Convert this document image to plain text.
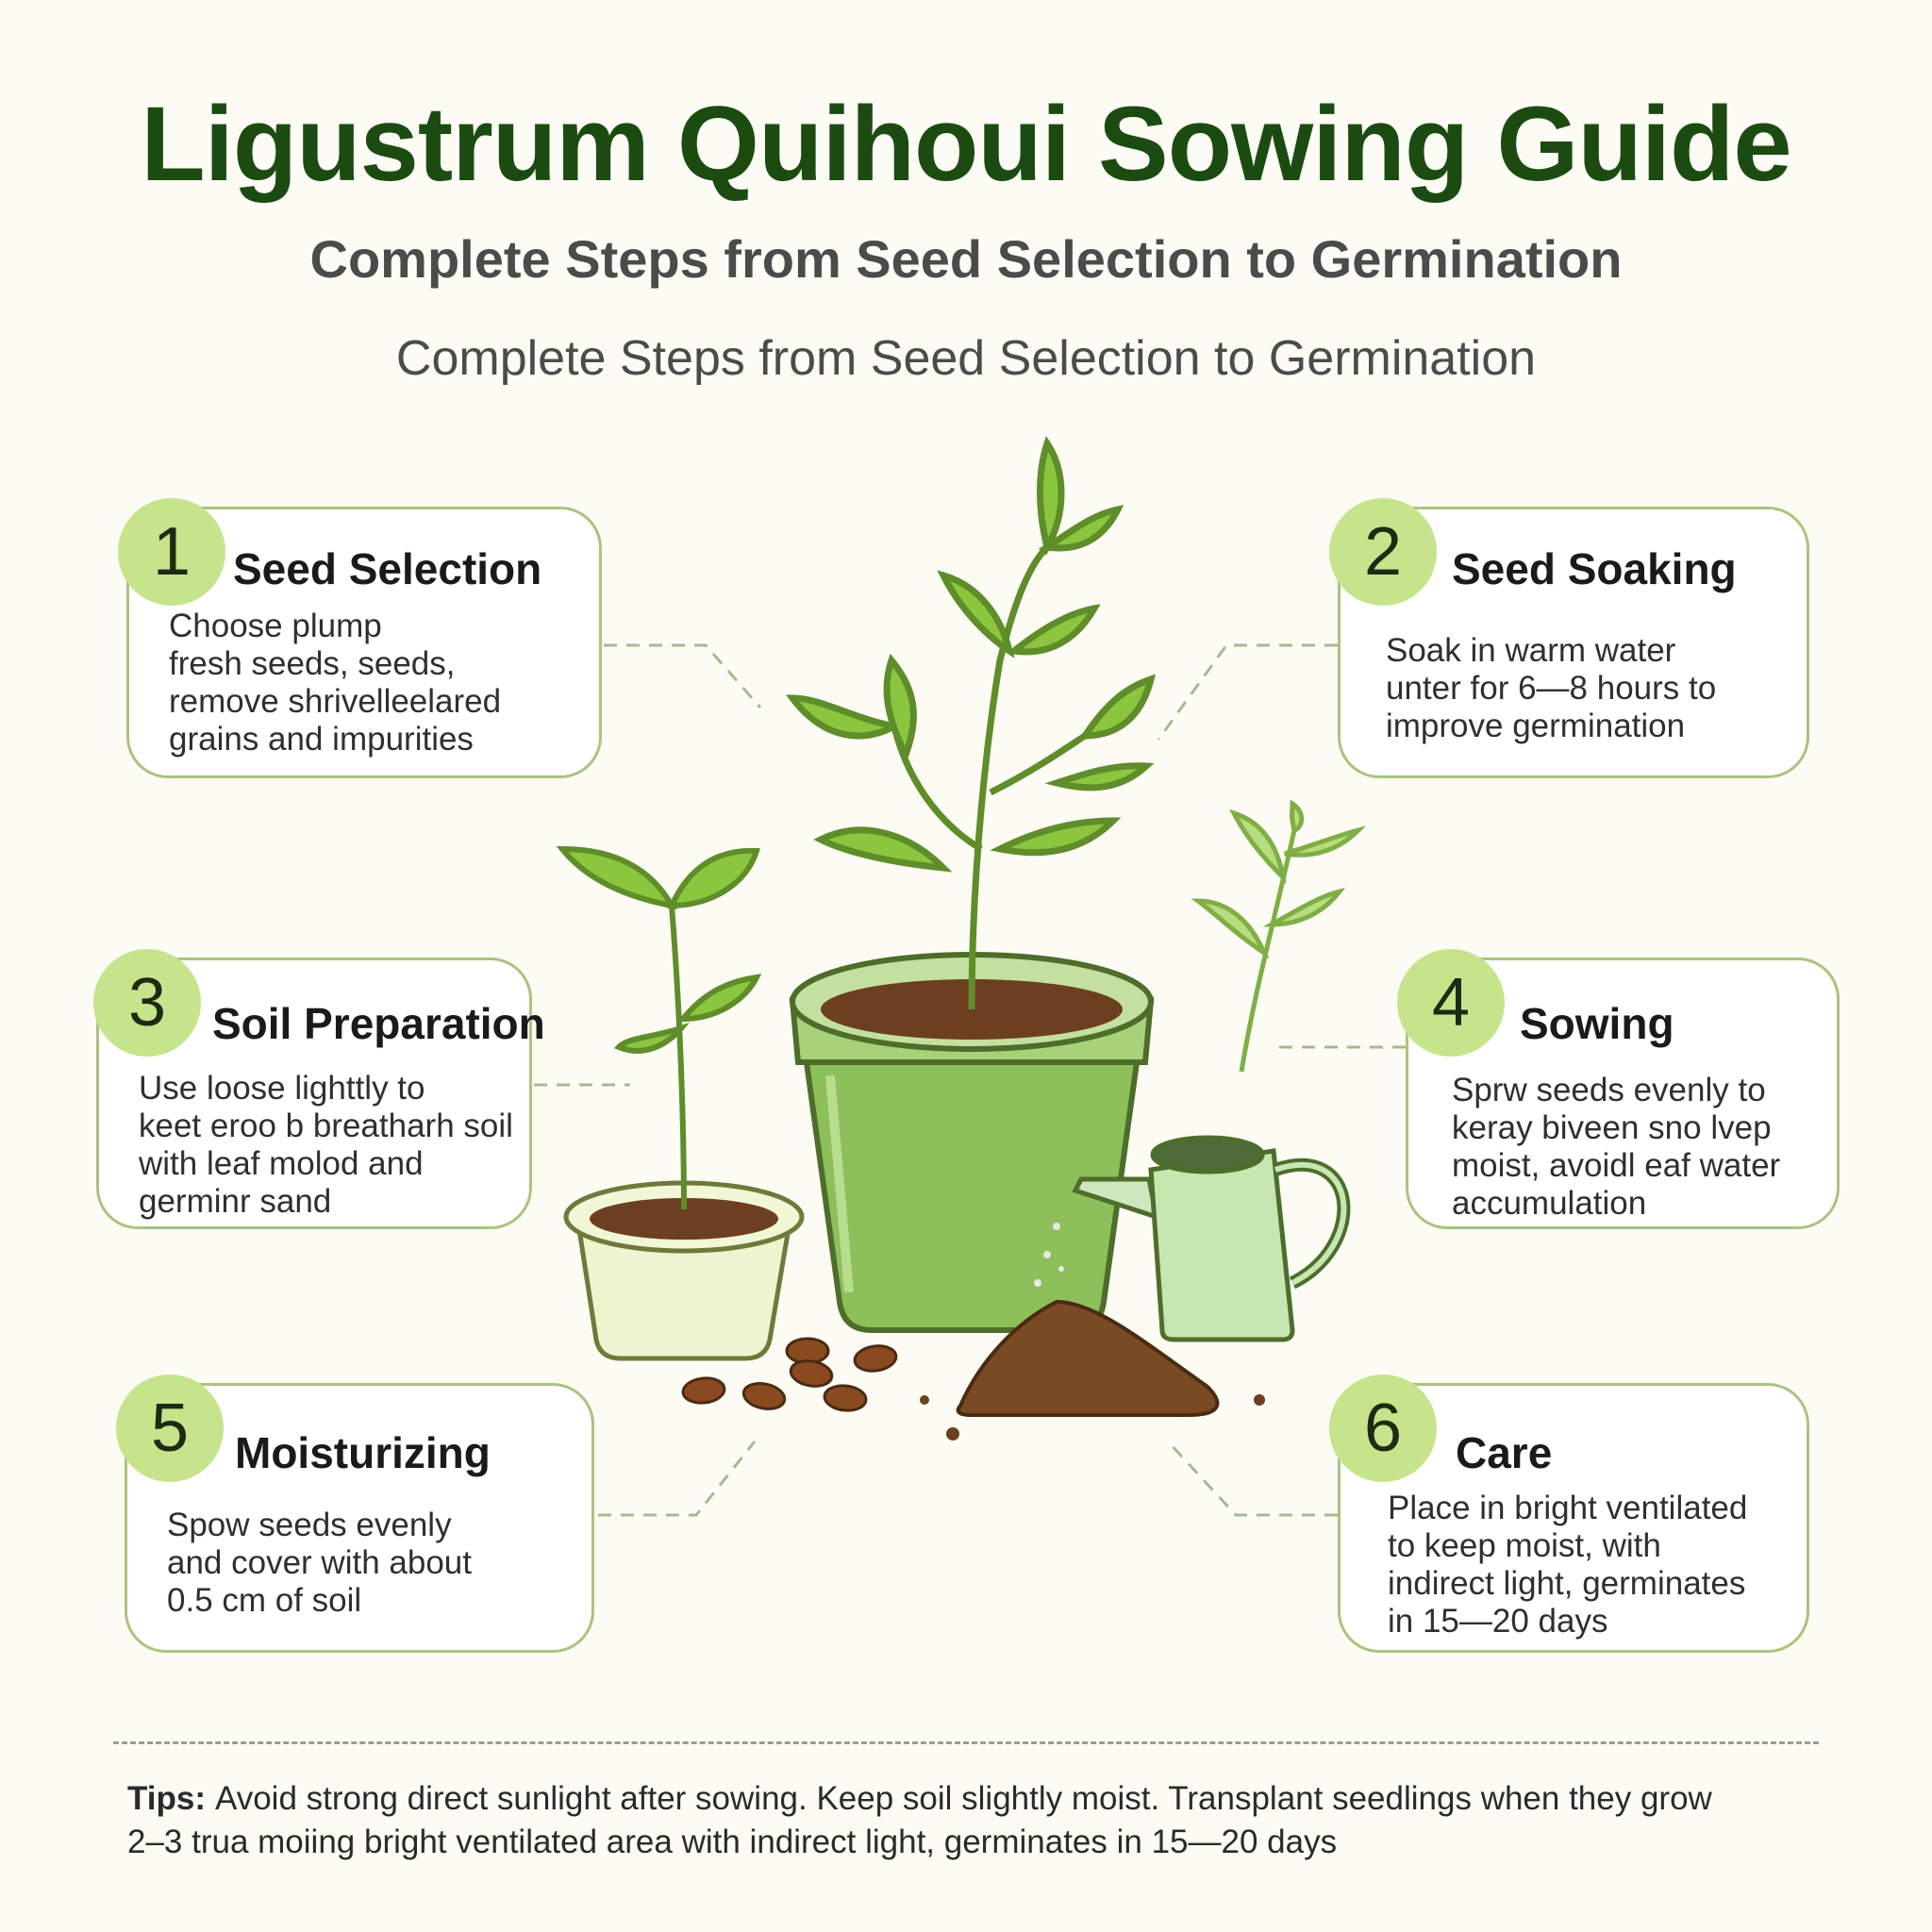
Ligustrum Quihoui Sowing Guide
Complete Steps from Seed Selection to Germination
Complete Steps from Seed Selection to Germination
1 Seed Selection
Choose plump
fresh seeds, seeds,
remove shrivelleelared
grains and impurities
2	Seed Soaking
Soak in warm water
unter for 6—8 hours to
improve germination
3	Soil Preparation
Use loose lighttly to
keet eroo b breatharh soil
with leaf molod and
germinr sand
4	Sowing
Sprw seeds evenly to
keray biveen sno lvep
moist, avoidl eaf water
accumulation
5	Moisturizing
Spow seeds evenly
and cover with about
0.5 cm of soil
6	Care
Place in bright ventilated
to keep moist, with
indirect light, germinates
in 15—20 days
Tips: Avoid strong direct sunlight after sowing. Keep soil slightly moist. Transplant seedlings when they grow
2–3 trua moiing bright ventilated area with indirect light, germinates in 15—20 days
